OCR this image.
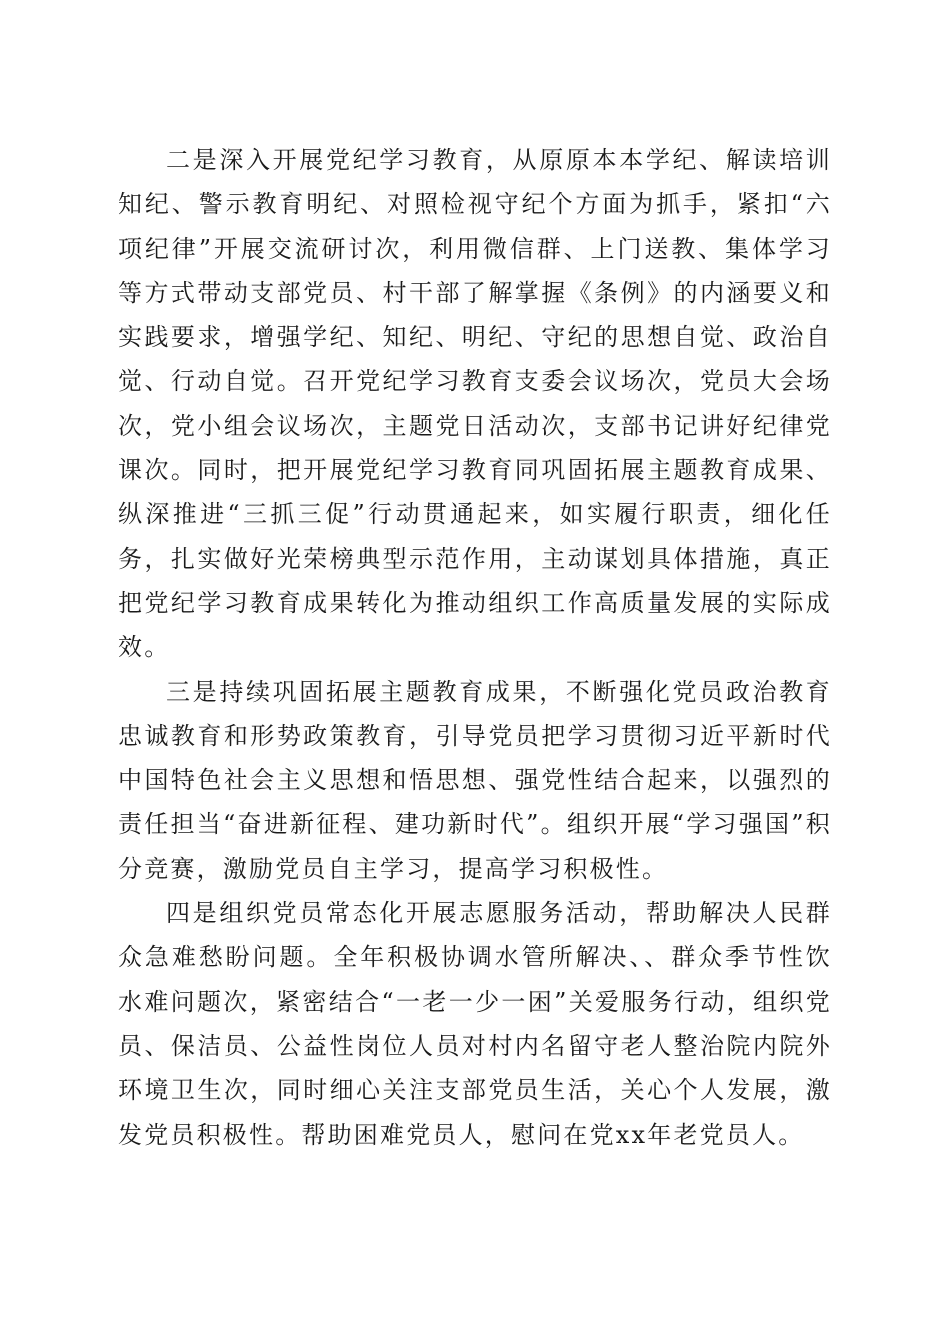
二是深入开展党纪学习教育，从原原本本学纪、解读培训知纪、警示教育明纪、对照检视守纪个方面为抓手，紧扣“六项纪律”开展交流研讨次，利用微信群、上门送教、集体学习等方式带动支部党员、村干部了解掌握《条例》的内涵要义和实践要求，增强学纪、知纪、明纪、守纪的思想自觉、政治自觉、行动自觉。召开党纪学习教育支委会议场次，党员大会场次，党小组会议场次，主题党日活动次，支部书记讲好纪律党课次。同时，把开展党纪学习教育同巩固拓展主题教育成果、纵深推进“三抓三促”行动贯通起来，如实履行职责，细化任务，扎实做好光荣榜典型示范作用，主动谋划具体措施，真正把党纪学习教育成果转化为推动组织工作高质量发展的实际成效。

三是持续巩固拓展主题教育成果，不断强化党员政治教育忠诚教育和形势政策教育，引导党员把学习贯彻习近平新时代中国特色社会主义思想和悟思想、强党性结合起来，以强烈的责任担当“奋进新征程、建功新时代”。组织开展“学习强国”积分竞赛，激励党员自主学习，提高学习积极性。

四是组织党员常态化开展志愿服务活动，帮助解决人民群众急难愁盼问题。全年积极协调水管所解决、、群众季节性饮水难问题次，紧密结合“一老一少一困”关爱服务行动，组织党员、保洁员、公益性岗位人员对村内名留守老人整治院内院外环境卫生次，同时细心关注支部党员生活，关心个人发展，激发党员积极性。帮助困难党员人，慰问在党xx年老党员人。
